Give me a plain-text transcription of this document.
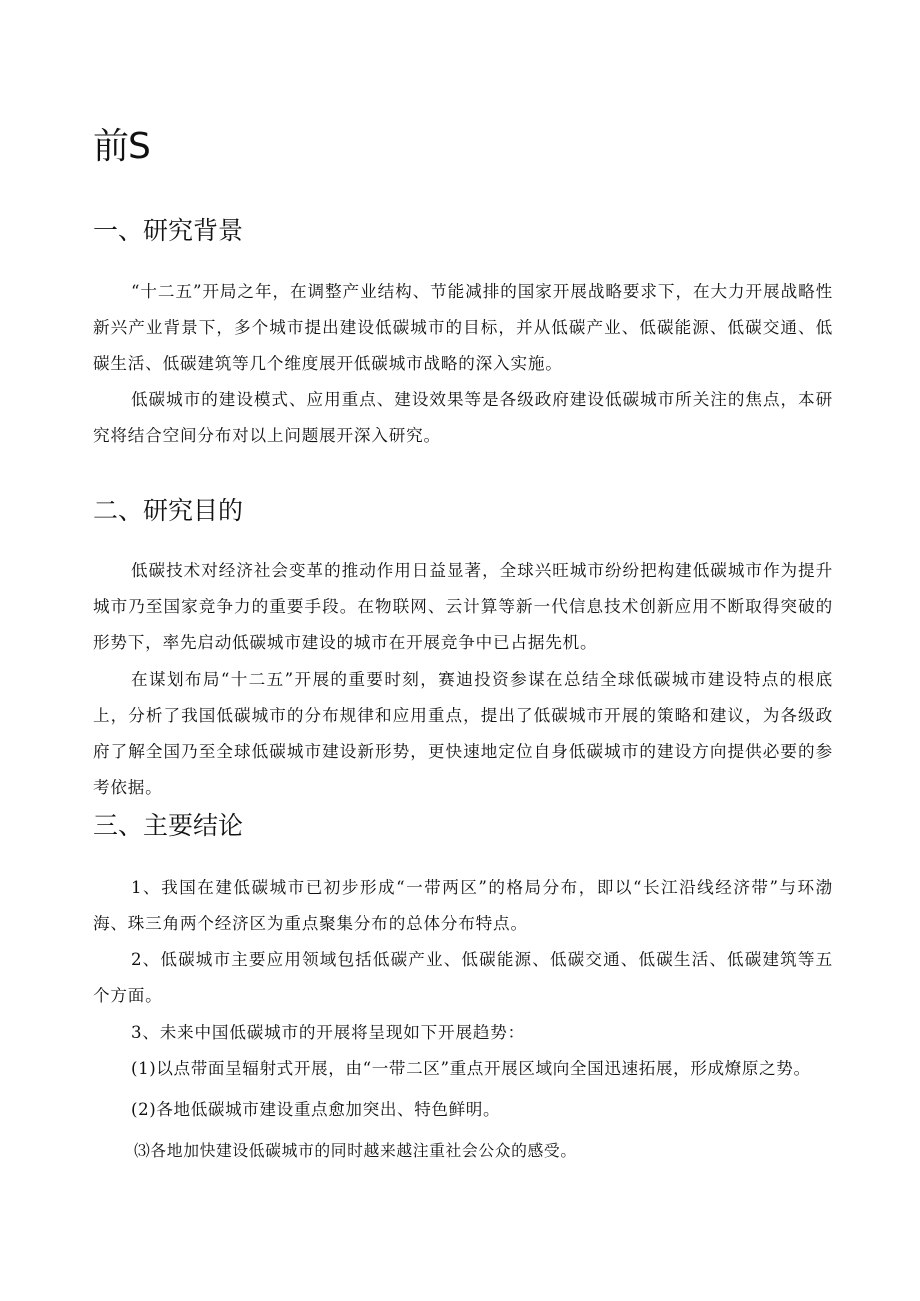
前S
一、研究背景

“十二五”开局之年，在调整产业结构、节能减排的国家开展战略要求下，在大力开展战略性新兴产业背景下，多个城市提出建设低碳城市的目标，并从低碳产业、低碳能源、低碳交通、低碳生活、低碳建筑等几个维度展开低碳城市战略的深入实施。

低碳城市的建设模式、应用重点、建设效果等是各级政府建设低碳城市所关注的焦点，本研究将结合空间分布对以上问题展开深入研究。

二、研究目的

低碳技术对经济社会变革的推动作用日益显著，全球兴旺城市纷纷把构建低碳城市作为提升城市乃至国家竞争力的重要手段。在物联网、云计算等新一代信息技术创新应用不断取得突破的形势下，率先启动低碳城市建设的城市在开展竞争中已占据先机。

在谋划布局“十二五”开展的重要时刻，赛迪投资参谋在总结全球低碳城市建设特点的根底上，分析了我国低碳城市的分布规律和应用重点，提出了低碳城市开展的策略和建议，为各级政府了解全国乃至全球低碳城市建设新形势，更快速地定位自身低碳城市的建设方向提供必要的参考依据。

三、主要结论

1、我国在建低碳城市已初步形成“一带两区”的格局分布，即以“长江沿线经济带”与环渤海、珠三角两个经济区为重点聚集分布的总体分布特点。

2、低碳城市主要应用领域包括低碳产业、低碳能源、低碳交通、低碳生活、低碳建筑等五个方面。

3、未来中国低碳城市的开展将呈现如下开展趋势：

(1)以点带面呈辐射式开展，由“一带二区”重点开展区域向全国迅速拓展，形成燎原之势。

(2)各地低碳城市建设重点愈加突出、特色鲜明。

⑶各地加快建设低碳城市的同时越来越注重社会公众的感受。
